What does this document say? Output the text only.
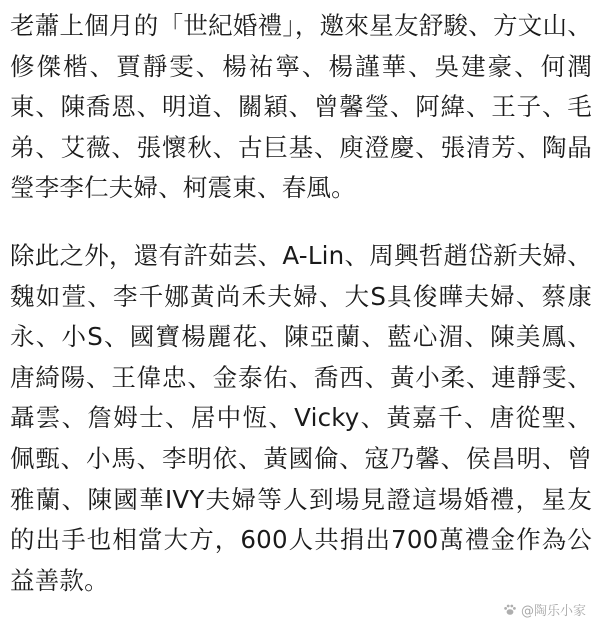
老蕭上個月的「世紀婚禮」，邀來星友舒駿、方文山、修傑楷、賈靜雯、楊祐寧、楊謹華、吳建豪、何潤東、陳喬恩、明道、關穎、曾馨瑩、阿緯、王子、毛弟、艾薇、張懷秋、古巨基、庾澄慶、張清芳、陶晶瑩李李仁夫婦、柯震東、春風。

除此之外，還有許茹芸、A-Lin、周興哲趙岱新夫婦、魏如萱、李千娜黃尚禾夫婦、大S具俊曄夫婦、蔡康永、小S、國寶楊麗花、陳亞蘭、藍心湄、陳美鳳、唐綺陽、王偉忠、金泰佑、喬西、黃小柔、連靜雯、聶雲、詹姆士、居中恆、Vicky、黃嘉千、唐從聖、佩甄、小馬、李明依、黃國倫、寇乃馨、侯昌明、曾雅蘭、陳國華IVY夫婦等人到場見證這場婚禮，星友的出手也相當大方，600人共捐出700萬禮金作為公益善款。

@陶乐小家
